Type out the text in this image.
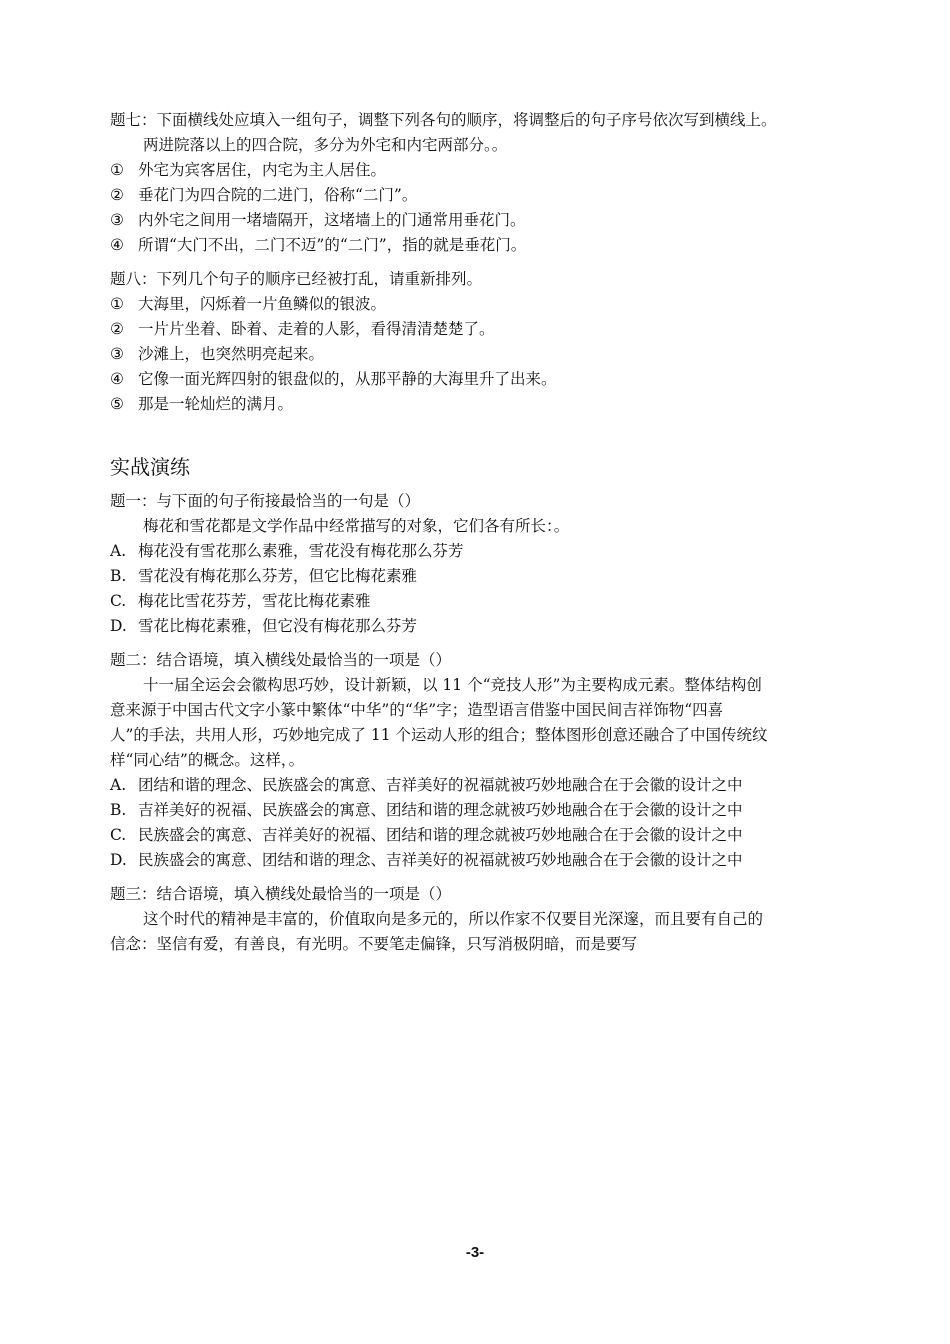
题七：下面横线处应填入一组句子，调整下列各句的顺序，将调整后的句子序号依次写到横线上。
两进院落以上的四合院，多分为外宅和内宅两部分。。
① 外宅为宾客居住，内宅为主人居住。
② 垂花门为四合院的二进门，俗称“二门”。
③ 内外宅之间用一堵墙隔开，这堵墙上的门通常用垂花门。
④ 所谓“大门不出，二门不迈”的“二门”，指的就是垂花门。
题八：下列几个句子的顺序已经被打乱，请重新排列。
① 大海里，闪烁着一片鱼鳞似的银波。
② 一片片坐着、卧着、走着的人影，看得清清楚楚了。
③ 沙滩上，也突然明亮起来。
④ 它像一面光辉四射的银盘似的，从那平静的大海里升了出来。
⑤ 那是一轮灿烂的满月。
实战演练
题一：与下面的句子衔接最恰当的一句是（）
梅花和雪花都是文学作品中经常描写的对象，它们各有所长：。
A. 梅花没有雪花那么素雅，雪花没有梅花那么芬芳
B. 雪花没有梅花那么芬芳，但它比梅花素雅
C. 梅花比雪花芬芳，雪花比梅花素雅
D. 雪花比梅花素雅，但它没有梅花那么芬芳
题二：结合语境，填入横线处最恰当的一项是（）
十一届全运会会徽构思巧妙，设计新颖，以 11 个“竞技人形”为主要构成元素。整体结构创
意来源于中国古代文字小篆中繁体“中华”的“华”字；造型语言借鉴中国民间吉祥饰物“四喜
人”的手法，共用人形，巧妙地完成了 11 个运动人形的组合；整体图形创意还融合了中国传统纹
样“同心结”的概念。这样，。
A. 团结和谐的理念、民族盛会的寓意、吉祥美好的祝福就被巧妙地融合在于会徽的设计之中
B. 吉祥美好的祝福、民族盛会的寓意、团结和谐的理念就被巧妙地融合在于会徽的设计之中
C. 民族盛会的寓意、吉祥美好的祝福、团结和谐的理念就被巧妙地融合在于会徽的设计之中
D. 民族盛会的寓意、团结和谐的理念、吉祥美好的祝福就被巧妙地融合在于会徽的设计之中
题三：结合语境，填入横线处最恰当的一项是（）
这个时代的精神是丰富的，价值取向是多元的，所以作家不仅要目光深邃，而且要有自己的
信念：坚信有爱，有善良，有光明。不要笔走偏锋，只写消极阴暗，而是要写
-3-
